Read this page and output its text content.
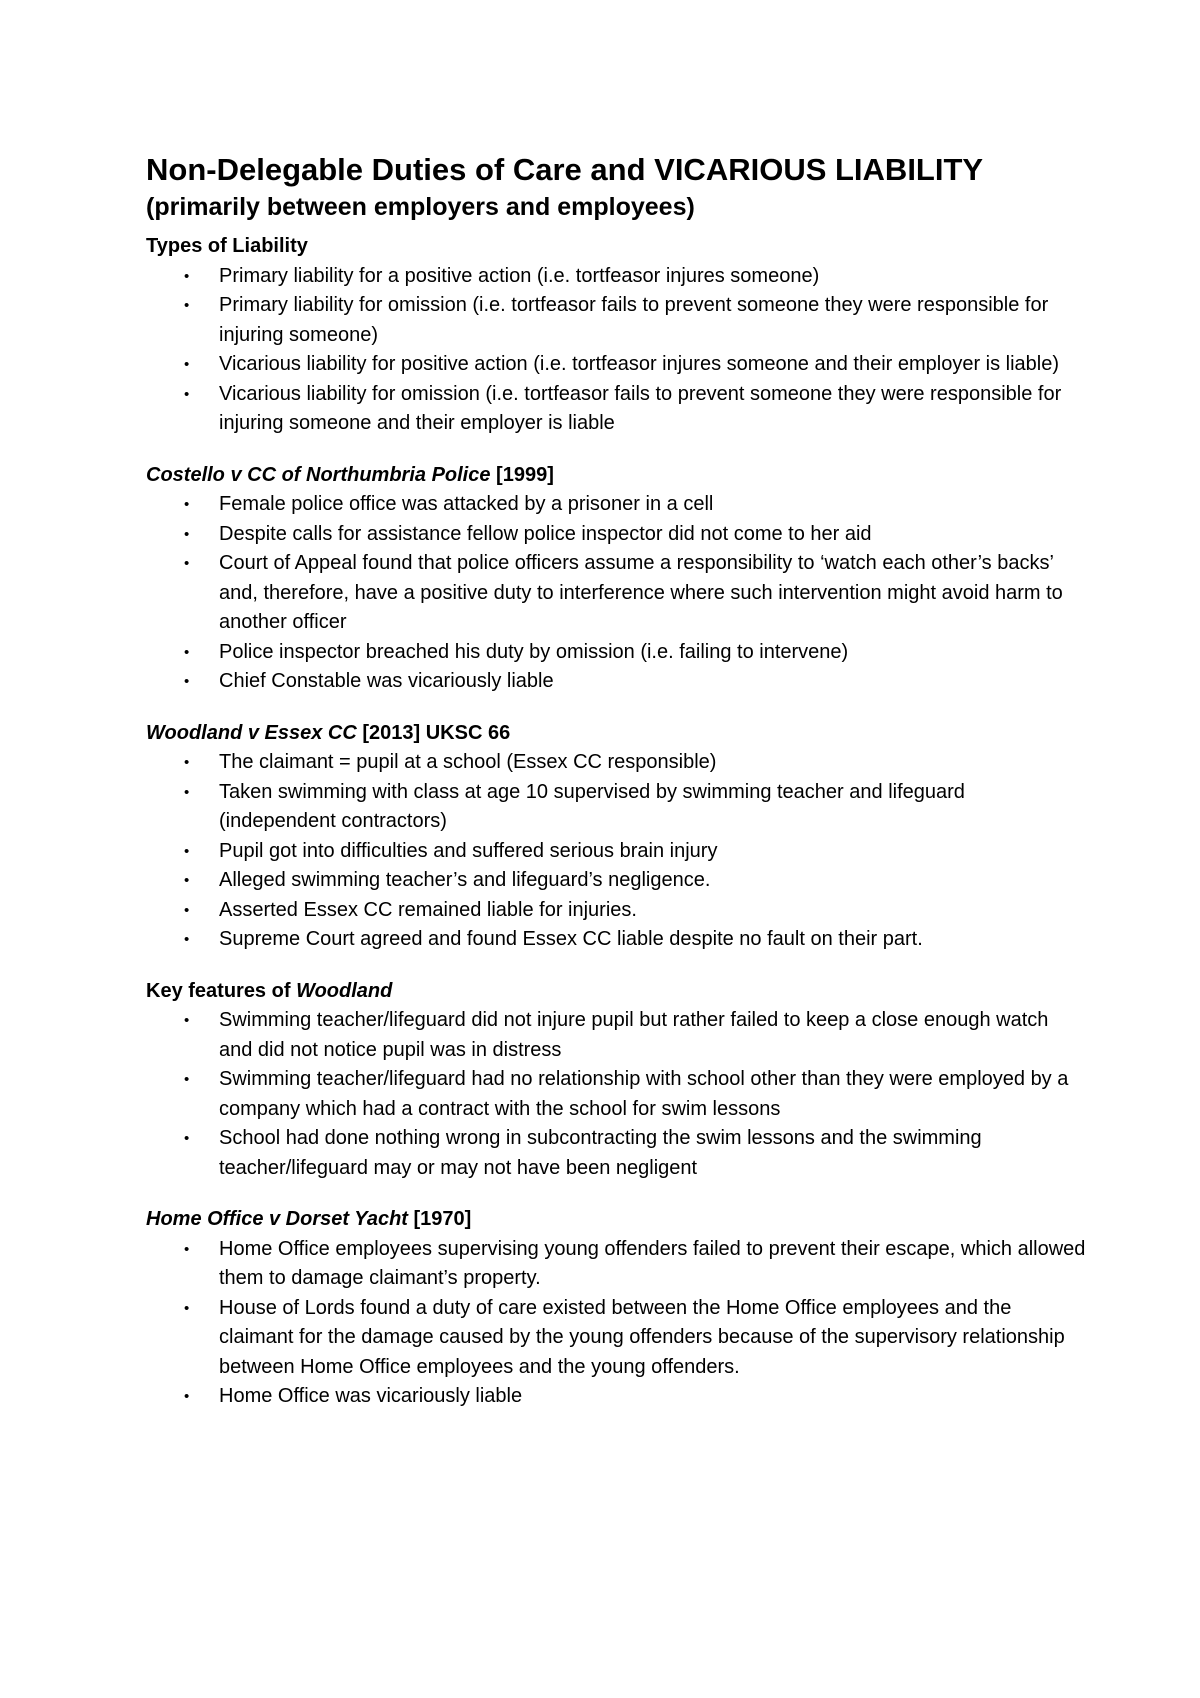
Non-Delegable Duties of Care and VICARIOUS LIABILITY
(primarily between employers and employees)
Types of Liability
• Primary liability for a positive action (i.e. tortfeasor injures someone)
• Primary liability for omission (i.e. tortfeasor fails to prevent someone they were responsible for injuring someone)
• Vicarious liability for positive action (i.e. tortfeasor injures someone and their employer is liable)
• Vicarious liability for omission (i.e. tortfeasor fails to prevent someone they were responsible for injuring someone and their employer is liable
Costello v CC of Northumbria Police [1999]
• Female police office was attacked by a prisoner in a cell
• Despite calls for assistance fellow police inspector did not come to her aid
• Court of Appeal found that police officers assume a responsibility to ‘watch each other’s backs’ and, therefore, have a positive duty to interference where such intervention might avoid harm to another officer
• Police inspector breached his duty by omission (i.e. failing to intervene)
• Chief Constable was vicariously liable
Woodland v Essex CC [2013] UKSC 66
• The claimant = pupil at a school (Essex CC responsible)
• Taken swimming with class at age 10 supervised by swimming teacher and lifeguard (independent contractors)
• Pupil got into difficulties and suffered serious brain injury
• Alleged swimming teacher’s and lifeguard’s negligence.
• Asserted Essex CC remained liable for injuries.
• Supreme Court agreed and found Essex CC liable despite no fault on their part.
Key features of Woodland
• Swimming teacher/lifeguard did not injure pupil but rather failed to keep a close enough watch and did not notice pupil was in distress
• Swimming teacher/lifeguard had no relationship with school other than they were employed by a company which had a contract with the school for swim lessons
• School had done nothing wrong in subcontracting the swim lessons and the swimming teacher/lifeguard may or may not have been negligent
Home Office v Dorset Yacht [1970]
• Home Office employees supervising young offenders failed to prevent their escape, which allowed them to damage claimant’s property.
• House of Lords found a duty of care existed between the Home Office employees and the claimant for the damage caused by the young offenders because of the supervisory relationship between Home Office employees and the young offenders.
• Home Office was vicariously liable
